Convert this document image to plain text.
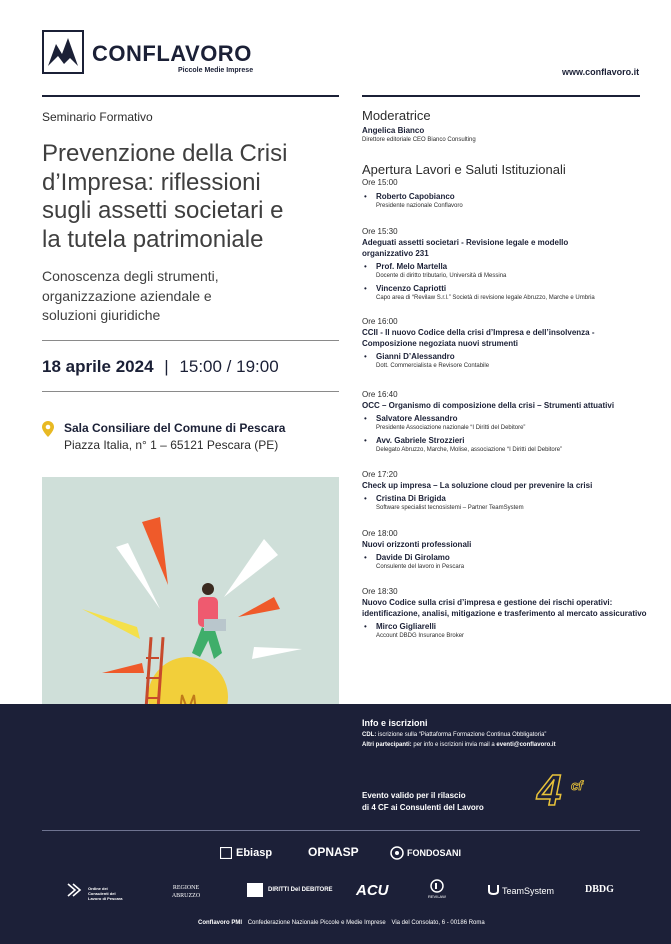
CONFLAVORO
Piccole Medie Imprese	www.conflavoro.it
Seminario Formativo
Prevenzione della Crisi
d’Impresa: riflessioni
sugli assetti societari e
la tutela patrimoniale
Conoscenza degli strumenti,
organizzazione aziendale e
soluzioni giuridiche
18 aprile 2024 | 15:00 / 19:00
Sala Consiliare del Comune di Pescara
Piazza Italia, n° 1 – 65121 Pescara (PE)
Moderatrice
Angelica Bianco
Direttore editoriale CEO Bianco Consulting
Apertura Lavori e Saluti Istituzionali
Ore 15:00
• Roberto Capobianco
Presidente nazionale Conflavoro
Ore 15:30
Adeguati assetti societari - Revisione legale e modello
organizzativo 231
• Prof. Melo Martella
Docente di diritto tributario, Università di Messina
• Vincenzo Capriotti
Capo area di “Revilaw S.r.l.” Società di revisione legale Abruzzo, Marche e Umbria
Ore 16:00
CCII - Il nuovo Codice della crisi d’Impresa e dell’insolvenza -
Composizione negoziata nuovi strumenti
• Gianni D’Alessandro
Dott. Commercialista e Revisore Contabile
Ore 16:40
OCC – Organismo di composizione della crisi – Strumenti attuativi
• Salvatore Alessandro
Presidente Associazione nazionale “I Diritti del Debitore”
• Avv. Gabriele Strozzieri
Delegato Abruzzo, Marche, Molise, associazione “I Diritti del Debitore”
Ore 17:20
Check up impresa – La soluzione cloud per prevenire la crisi
• Cristina Di Brigida
Software specialist tecnosistemi – Partner TeamSystem
Ore 18:00
Nuovi orizzonti professionali
• Davide Di Girolamo
Consulente del lavoro in Pescara
Ore 18:30
Nuovo Codice sulla crisi d’impresa e gestione dei rischi operativi:
identificazione, analisi, mitigazione e trasferimento al mercato assicurativo
• Mirco Gigliarelli
Account DBDG Insurance Broker
Info e iscrizioni
CDL: iscrizione sulla “Piattaforma Formazione Continua Obbligatoria”
Altri partecipanti: per info e iscrizioni invia mail a eventi@conflavoro.it
Evento valido per il rilascio
di 4 CF ai Consulenti del Lavoro 4 cf
Ebiasp	OPNASP	FONDOSANI
Ordine dei Consulenti del Lavoro di Pescara
REGIONE ABRUZZO
DIRITTI Del DEBITORE ACU	REVILAW
TeamSystem	DBDG
Conflavoro PMI Confederazione Nazionale Piccole e Medie Imprese Via del Consolato, 6 - 00186 Roma
